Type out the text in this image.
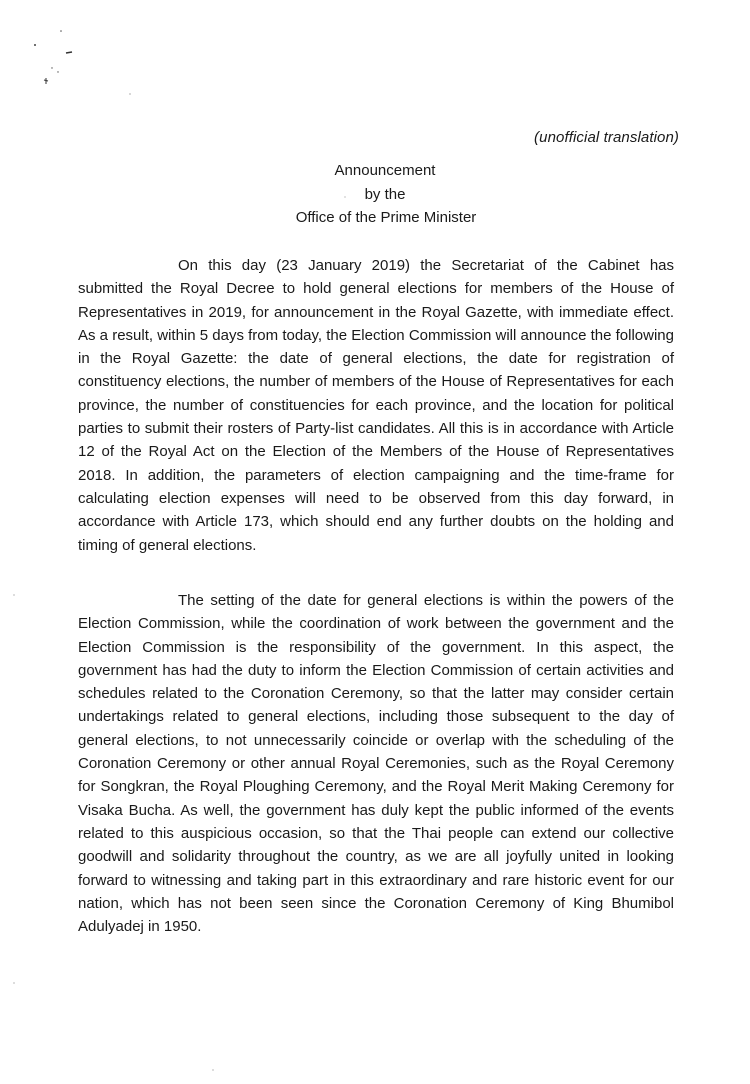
(unofficial translation)
Announcement
by the
Office of the Prime Minister

On this day (23 January 2019) the Secretariat of the Cabinet has submitted the Royal Decree to hold general elections for members of the House of Representatives in 2019, for announcement in the Royal Gazette, with immediate effect. As a result, within 5 days from today, the Election Commission will announce the following in the Royal Gazette: the date of general elections, the date for registration of constituency elections, the number of members of the House of Representatives for each province, the number of constituencies for each province, and the location for political parties to submit their rosters of Party-list candidates. All this is in accordance with Article 12 of the Royal Act on the Election of the Members of the House of Representatives 2018. In addition, the parameters of election campaigning and the time-frame for calculating election expenses will need to be observed from this day forward, in accordance with Article 173, which should end any further doubts on the holding and timing of general elections.

The setting of the date for general elections is within the powers of the Election Commission, while the coordination of work between the government and the Election Commission is the responsibility of the government. In this aspect, the government has had the duty to inform the Election Commission of certain activities and schedules related to the Coronation Ceremony, so that the latter may consider certain undertakings related to general elections, including those subsequent to the day of general elections, to not unnecessarily coincide or overlap with the scheduling of the Coronation Ceremony or other annual Royal Ceremonies, such as the Royal Ceremony for Songkran, the Royal Ploughing Ceremony, and the Royal Merit Making Ceremony for Visaka Bucha. As well, the government has duly kept the public informed of the events related to this auspicious occasion, so that the Thai people can extend our collective goodwill and solidarity throughout the country, as we are all joyfully united in looking forward to witnessing and taking part in this extraordinary and rare historic event for our nation, which has not been seen since the Coronation Ceremony of King Bhumibol Adulyadej in 1950.
